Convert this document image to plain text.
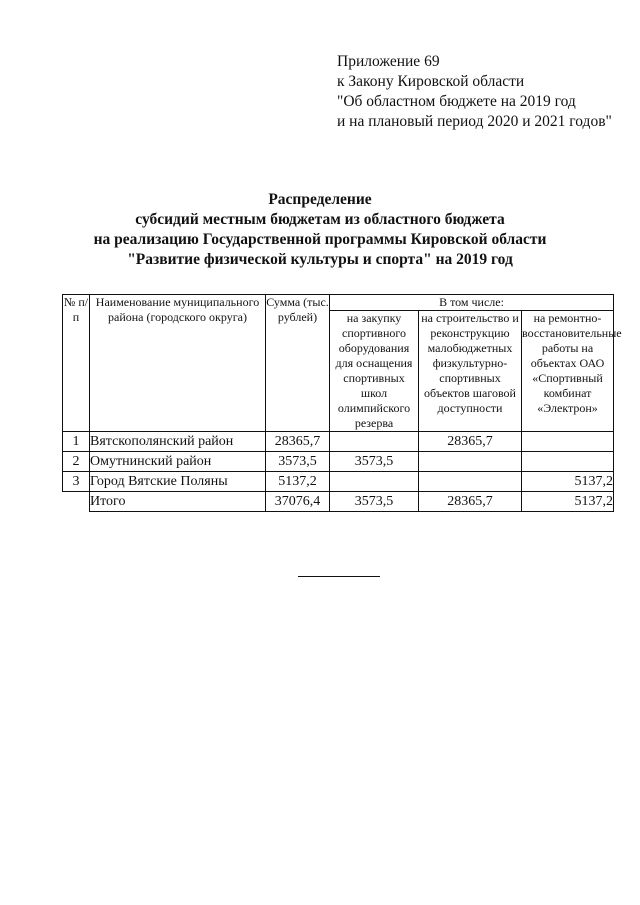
Приложение 69
к Закону Кировской области
"Об областном бюджете на 2019 год
и на плановый период 2020 и 2021 годов"
Распределение
субсидий местным бюджетам из областного бюджета
на реализацию Государственной программы Кировской области
"Развитие физической культуры и спорта" на 2019 год
№ п/п	Наименование муниципального района (городского округа)	Сумма (тыс. рублей)	В том числе:		
			на закупку спортивного оборудования для оснащения спортивных школ олимпийского резерва	на строительство и реконструкцию малобюджетных физкультурно-спортивных объектов шаговой доступности	на ремонтно-восстановительные работы на объектах ОАО «Спортивный комбинат «Электрон»
1	Вятскополянский район	28365,7		28365,7	
2	Омутнинский район	3573,5	3573,5		
3	Город Вятские Поляны	5137,2			5137,2
	Итого	37076,4	3573,5	28365,7	5137,2
